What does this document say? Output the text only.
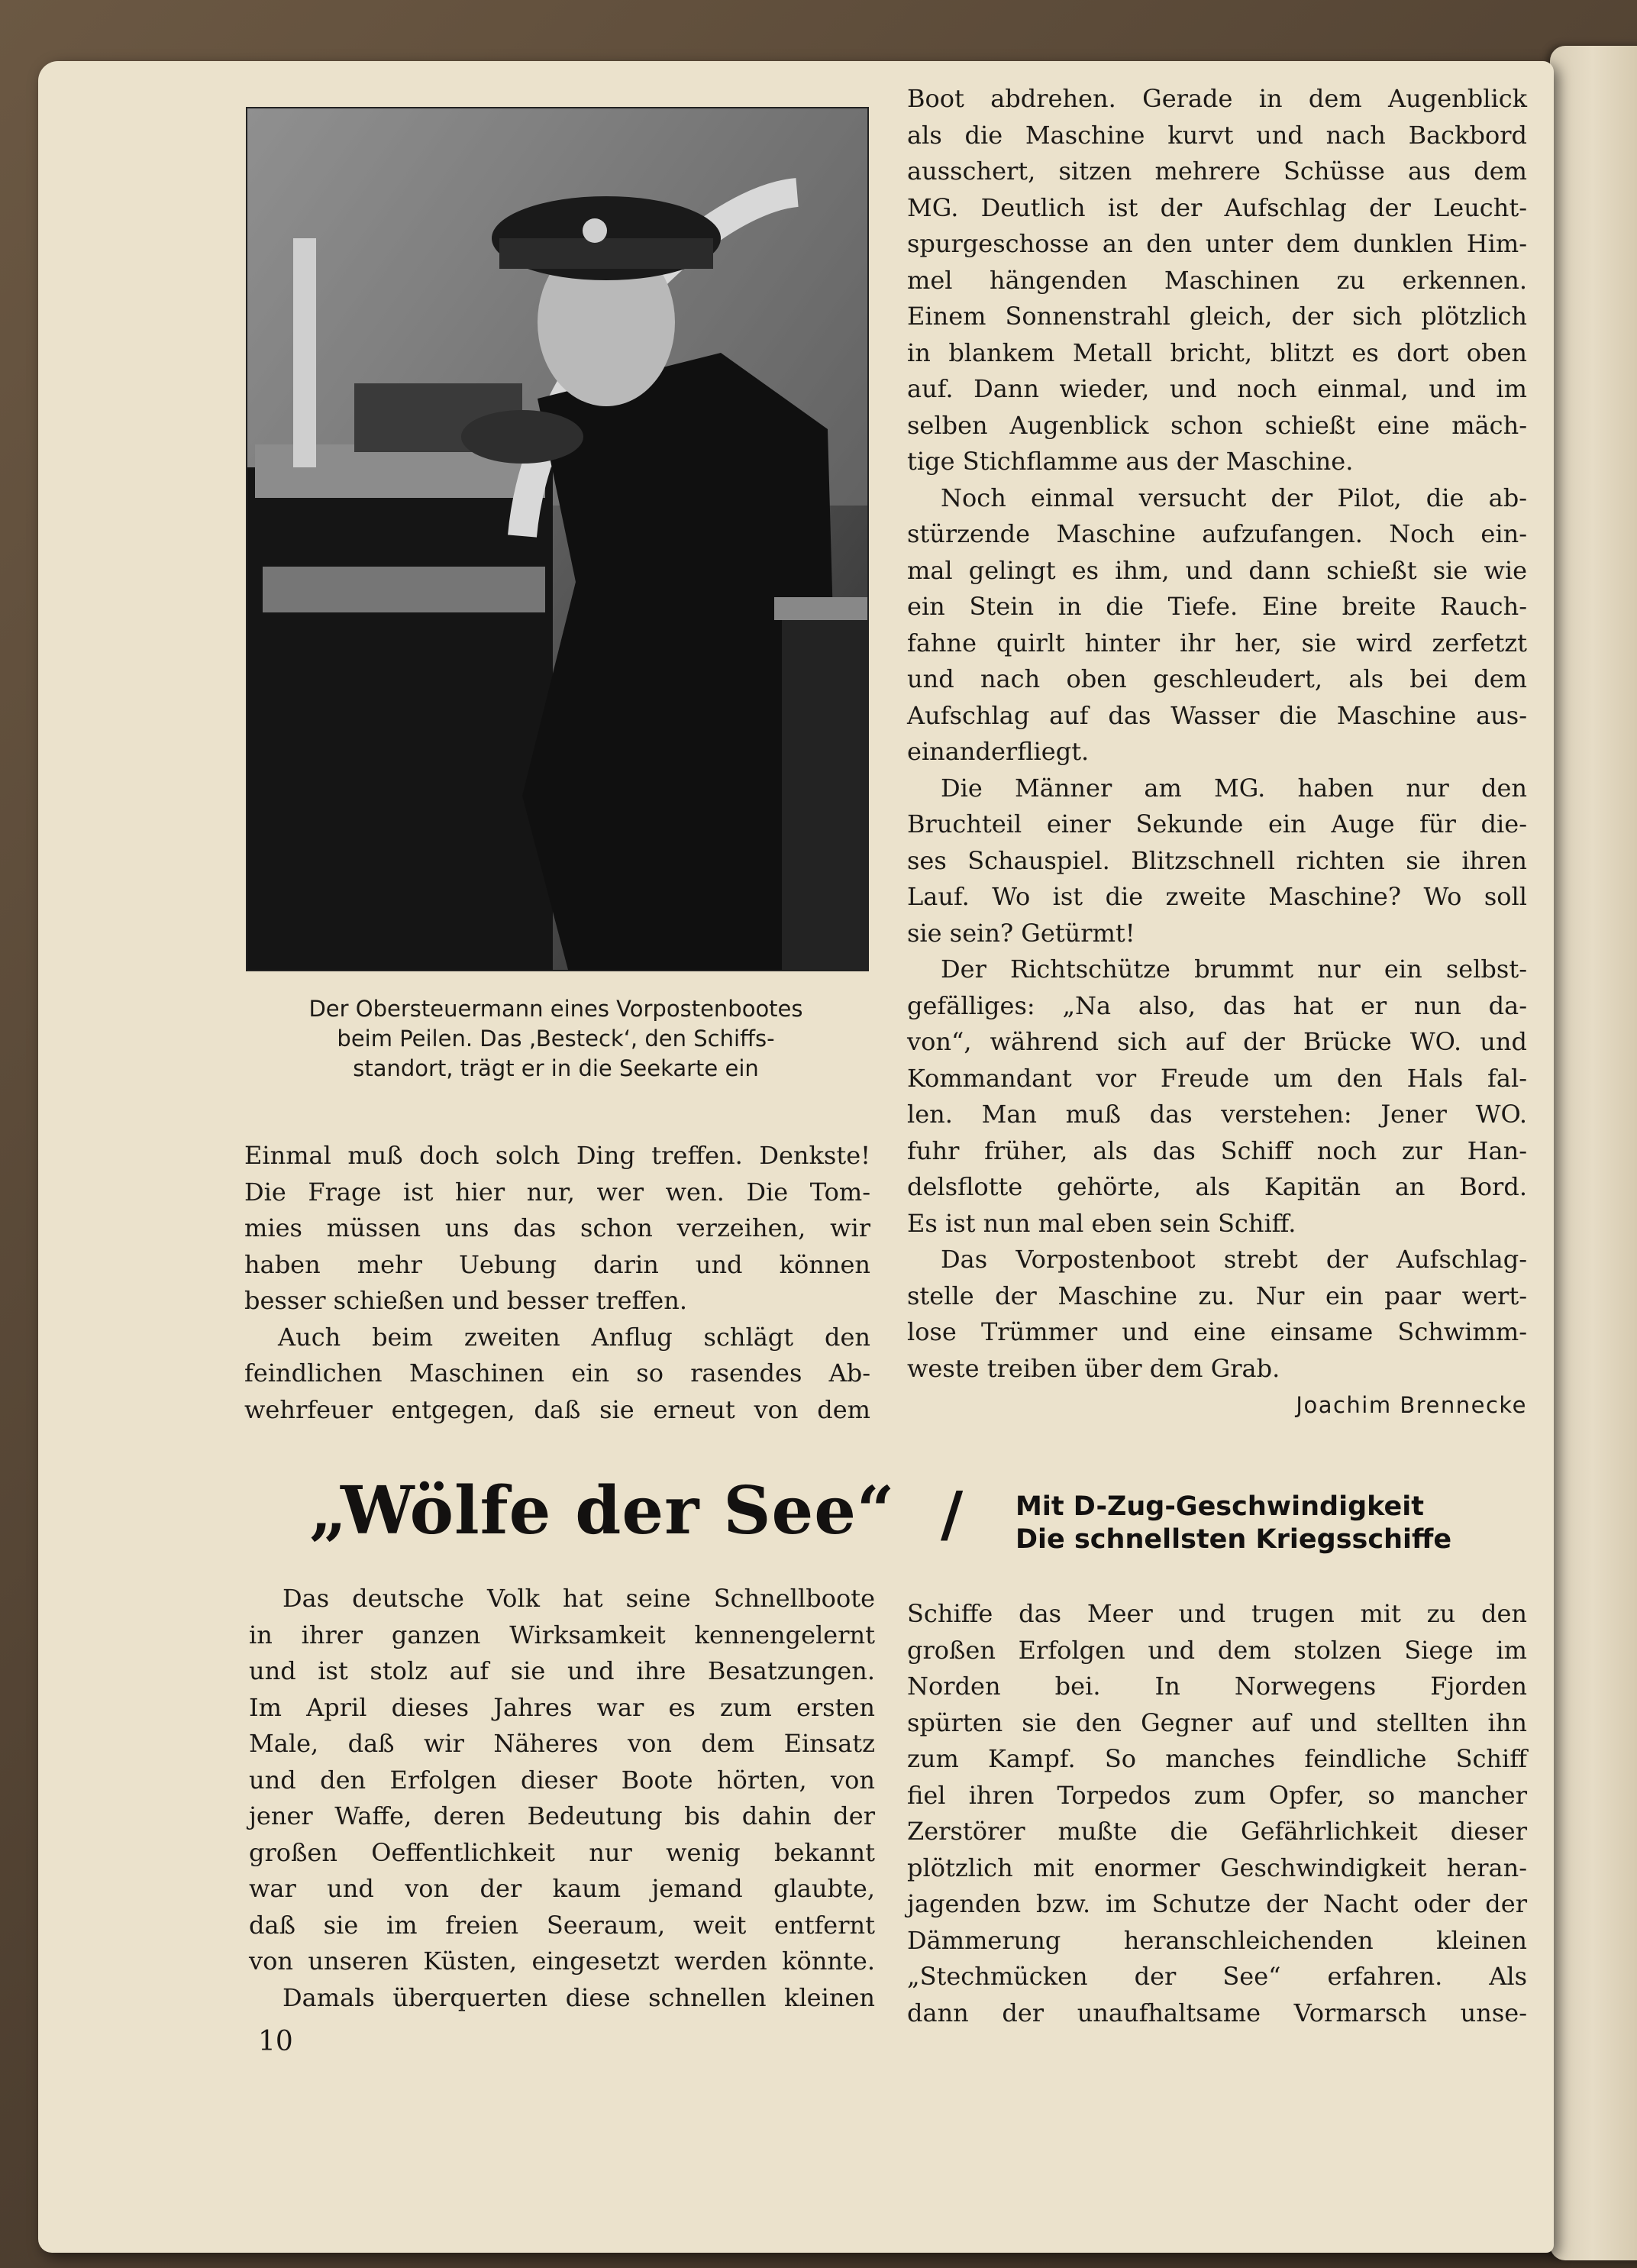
Der Obersteuermann eines Vorpostenbootes
beim Peilen. Das ‚Besteck‘, den Schiffs-
standort, trägt er in die Seekarte ein
Boot abdrehen. Gerade in dem Augenblick
als die Maschine kurvt und nach Backbord
ausschert, sitzen mehrere Schüsse aus dem
MG. Deutlich ist der Aufschlag der Leucht-
spurgeschosse an den unter dem dunklen Him-
mel hängenden Maschinen zu erkennen.
Einem Sonnenstrahl gleich, der sich plötzlich
in blankem Metall bricht, blitzt es dort oben
auf. Dann wieder, und noch einmal, und im
selben Augenblick schon schießt eine mäch-
tige Stichflamme aus der Maschine.
Noch einmal versucht der Pilot, die ab-
stürzende Maschine aufzufangen. Noch ein-
mal gelingt es ihm, und dann schießt sie wie
ein Stein in die Tiefe. Eine breite Rauch-
fahne quirlt hinter ihr her, sie wird zerfetzt
und nach oben geschleudert, als bei dem
Aufschlag auf das Wasser die Maschine aus-
einanderfliegt.
Die Männer am MG. haben nur den
Bruchteil einer Sekunde ein Auge für die-
ses Schauspiel. Blitzschnell richten sie ihren
Lauf. Wo ist die zweite Maschine? Wo soll
sie sein? Getürmt!
Der Richtschütze brummt nur ein selbst-
gefälliges: „Na also, das hat er nun da-
von“, während sich auf der Brücke WO. und
Kommandant vor Freude um den Hals fal-
len. Man muß das verstehen: Jener WO.
fuhr früher, als das Schiff noch zur Han-
delsflotte gehörte, als Kapitän an Bord.
Es ist nun mal eben sein Schiff.
Das Vorpostenboot strebt der Aufschlag-
stelle der Maschine zu. Nur ein paar wert-
lose Trümmer und eine einsame Schwimm-
weste treiben über dem Grab.
Joachim Brennecke
Einmal muß doch solch Ding treffen. Denkste!
Die Frage ist hier nur, wer wen. Die Tom-
mies müssen uns das schon verzeihen, wir
haben mehr Uebung darin und können
besser schießen und besser treffen.
Auch beim zweiten Anflug schlägt den
feindlichen Maschinen ein so rasendes Ab-
wehrfeuer entgegen, daß sie erneut von dem
„Wölfe der See“ / Mit D-Zug-Geschwindigkeit
Die schnellsten Kriegsschiffe
Das deutsche Volk hat seine Schnellboote
in ihrer ganzen Wirksamkeit kennengelernt
und ist stolz auf sie und ihre Besatzungen.
Im April dieses Jahres war es zum ersten
Male, daß wir Näheres von dem Einsatz
und den Erfolgen dieser Boote hörten, von
jener Waffe, deren Bedeutung bis dahin der
großen Oeffentlichkeit nur wenig bekannt
war und von der kaum jemand glaubte,
daß sie im freien Seeraum, weit entfernt
von unseren Küsten, eingesetzt werden könnte.
Damals überquerten diese schnellen kleinen
Schiffe das Meer und trugen mit zu den
großen Erfolgen und dem stolzen Siege im
Norden bei. In Norwegens Fjorden
spürten sie den Gegner auf und stellten ihn
zum Kampf. So manches feindliche Schiff
fiel ihren Torpedos zum Opfer, so mancher
Zerstörer mußte die Gefährlichkeit dieser
plötzlich mit enormer Geschwindigkeit heran-
jagenden bzw. im Schutze der Nacht oder der
Dämmerung heranschleichenden kleinen
„Stechmücken der See“ erfahren. Als
dann der unaufhaltsame Vormarsch unse-
10
